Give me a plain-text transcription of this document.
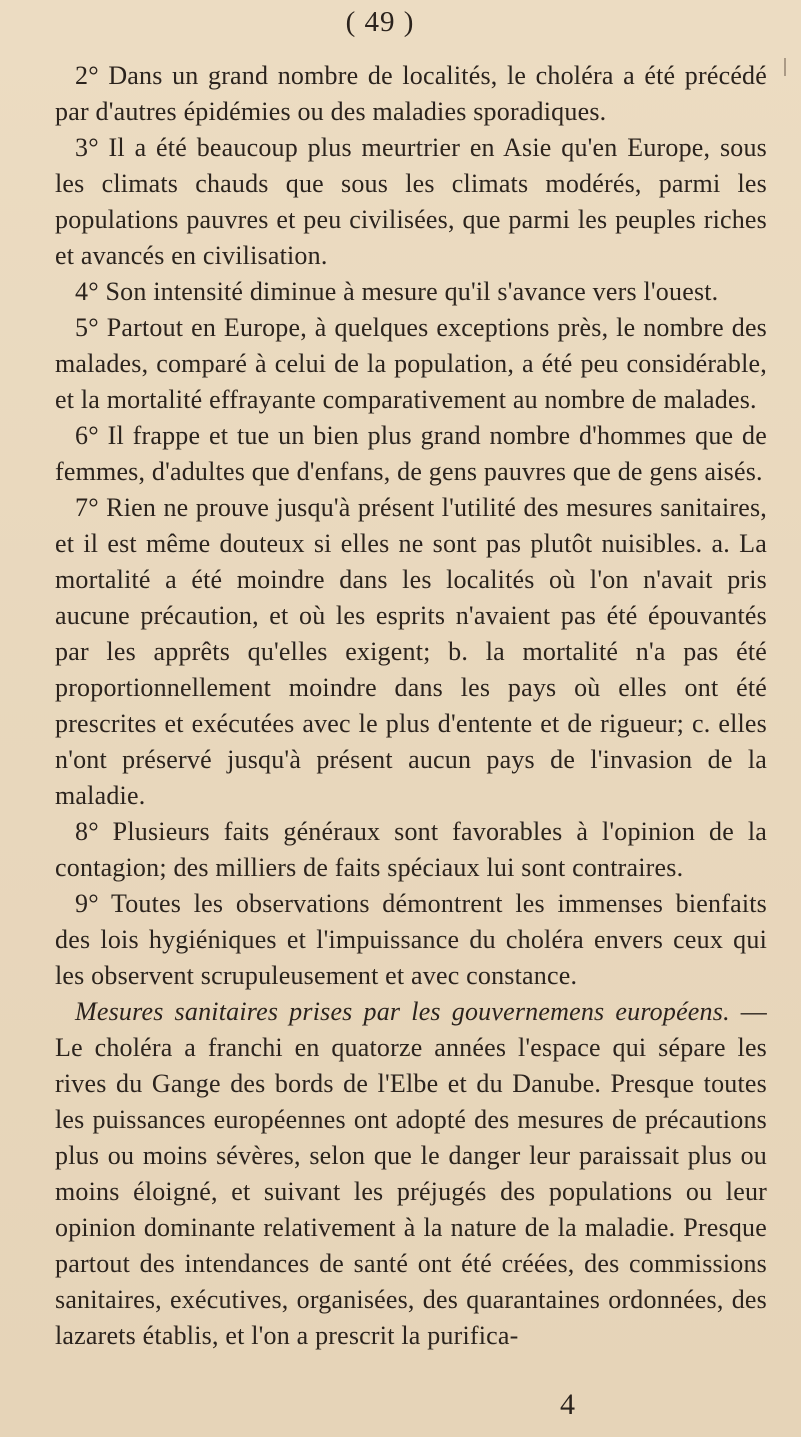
( 49 )

2° Dans un grand nombre de localités, le choléra a été précédé par d'autres épidémies ou des maladies sporadiques.

3° Il a été beaucoup plus meurtrier en Asie qu'en Europe, sous les climats chauds que sous les climats modérés, parmi les populations pauvres et peu civilisées, que parmi les peuples riches et avancés en civilisation.

4° Son intensité diminue à mesure qu'il s'avance vers l'ouest.

5° Partout en Europe, à quelques exceptions près, le nombre des malades, comparé à celui de la population, a été peu considérable, et la mortalité effrayante comparativement au nombre de malades.

6° Il frappe et tue un bien plus grand nombre d'hommes que de femmes, d'adultes que d'enfans, de gens pauvres que de gens aisés.

7° Rien ne prouve jusqu'à présent l'utilité des mesures sanitaires, et il est même douteux si elles ne sont pas plutôt nuisibles. a. La mortalité a été moindre dans les localités où l'on n'avait pris aucune précaution, et où les esprits n'avaient pas été épouvantés par les apprêts qu'elles exigent; b. la mortalité n'a pas été proportionnellement moindre dans les pays où elles ont été prescrites et exécutées avec le plus d'entente et de rigueur; c. elles n'ont préservé jusqu'à présent aucun pays de l'invasion de la maladie.

8° Plusieurs faits généraux sont favorables à l'opinion de la contagion; des milliers de faits spéciaux lui sont contraires.

9° Toutes les observations démontrent les immenses bienfaits des lois hygiéniques et l'impuissance du choléra envers ceux qui les observent scrupuleusement et avec constance.

Mesures sanitaires prises par les gouvernemens européens. — Le choléra a franchi en quatorze années l'espace qui sépare les rives du Gange des bords de l'Elbe et du Danube. Presque toutes les puissances européennes ont adopté des mesures de précautions plus ou moins sévères, selon que le danger leur paraissait plus ou moins éloigné, et suivant les préjugés des populations ou leur opinion dominante relativement à la nature de la maladie. Presque partout des intendances de santé ont été créées, des commissions sanitaires, exécutives, organisées, des quarantaines ordonnées, des lazarets établis, et l'on a prescrit la purifica-

4
